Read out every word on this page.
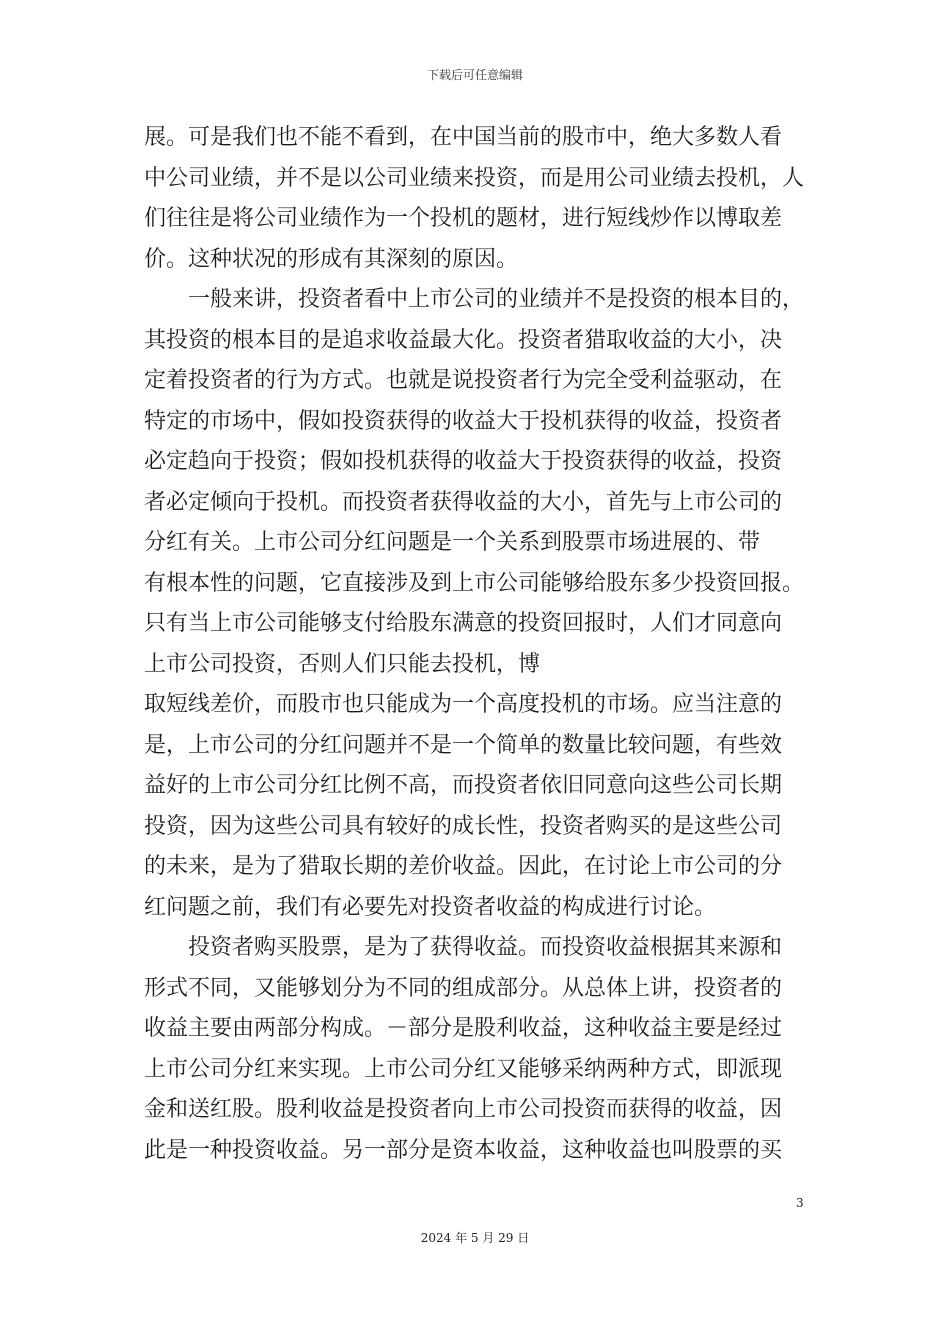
下载后可任意编辑
展。可是我们也不能不看到，在中国当前的股市中，绝大多数人看
中公司业绩，并不是以公司业绩来投资，而是用公司业绩去投机，人
们往往是将公司业绩作为一个投机的题材，进行短线炒作以博取差
价。这种状况的形成有其深刻的原因。
　　一般来讲，投资者看中上市公司的业绩并不是投资的根本目的，
其投资的根本目的是追求收益最大化。投资者猎取收益的大小，决
定着投资者的行为方式。也就是说投资者行为完全受利益驱动，在
特定的市场中，假如投资获得的收益大于投机获得的收益，投资者
必定趋向于投资；假如投机获得的收益大于投资获得的收益，投资
者必定倾向于投机。而投资者获得收益的大小，首先与上市公司的
分红有关。上市公司分红问题是一个关系到股票市场进展的、带
有根本性的问题，它直接涉及到上市公司能够给股东多少投资回报。
只有当上市公司能够支付给股东满意的投资回报时，人们才同意向
上市公司投资，否则人们只能去投机，博
取短线差价，而股市也只能成为一个高度投机的市场。应当注意的
是，上市公司的分红问题并不是一个简单的数量比较问题，有些效
益好的上市公司分红比例不高，而投资者依旧同意向这些公司长期
投资，因为这些公司具有较好的成长性，投资者购买的是这些公司
的未来，是为了猎取长期的差价收益。因此，在讨论上市公司的分
红问题之前，我们有必要先对投资者收益的构成进行讨论。
　　投资者购买股票，是为了获得收益。而投资收益根据其来源和
形式不同，又能够划分为不同的组成部分。从总体上讲，投资者的
收益主要由两部分构成。－部分是股利收益，这种收益主要是经过
上市公司分红来实现。上市公司分红又能够采纳两种方式，即派现
金和送红股。股利收益是投资者向上市公司投资而获得的收益，因
此是一种投资收益。另一部分是资本收益，这种收益也叫股票的买
3
2024 年 5 月 29 日
